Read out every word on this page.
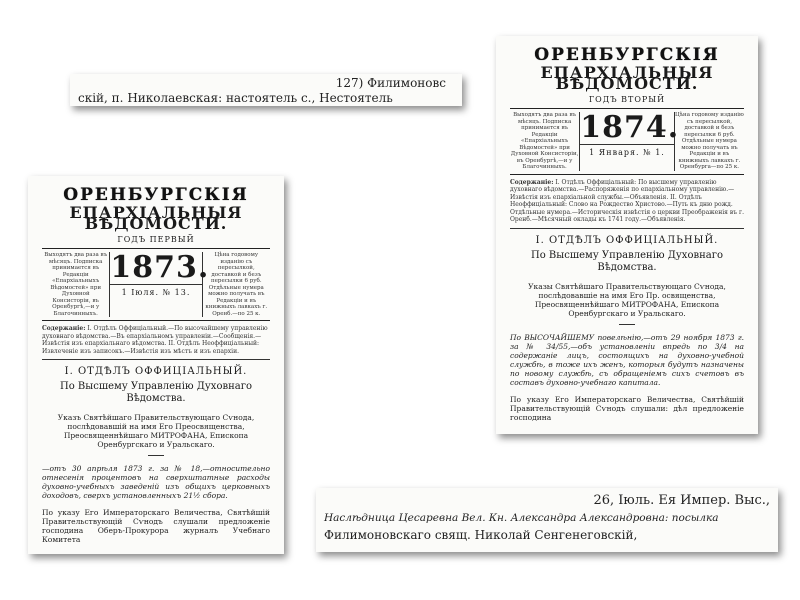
127) Филимоновс
скій, п. Николаевская: настоятель с., Нестоятель
ОРЕНБУРГСКІЯ
ЕПАРХІАЛЬНЫЯ ВѢДОМОСТИ.
ГОДЪ ПЕРВЫЙ
Выходятъ два раза въ мѣсяцъ. Подписка принимается въ Редакціи «Епархіальныхъ Вѣдомостей» при Духовной Консисторіи, въ Оренбургѣ,—и у Благочинныхъ.
1873.
1 Іюля. № 13.
Цѣна годовому изданію съ пересылкой, доставкой и безъ пересылки 6 руб. Отдѣльные нумера можно получать въ Редакціи и въ книжныхъ лавкахъ г. Оренб.—по 25 к.
Содержаніе: I. Отдѣлъ Оффиціальный.—По высочайшему управленію духовнаго вѣдомства.—Въ епархіальномъ управленіи.—Сообщенія.—Извѣстія изъ епархіальнаго вѣдомства. II. Отдѣлъ Неоффиціальный: Извлеченіе изъ записокъ.—Извѣстія изъ мѣстъ и изъ епархіи.
I. ОТДѢЛЪ ОФФИЦІАЛЬНЫЙ.
По Высшему Управленію Духовнаго Вѣдомства.
Указъ Святѣйшаго Правительствующаго Сѵнода, послѣдовавшій на имя Его Преосвященства, Преосвященнѣйшаго МИТРОФАНА, Епископа Оренбургскаго и Уральскаго.
—отъ 30 апрѣля 1873 г. за № 18,—относительно отнесенія процентовъ на сверхштатные расходы духовно-учебныхъ заведеній изъ общихъ церковныхъ доходовъ, сверхъ установленныхъ 21½ сбора.
По указу Его Императорскаго Величества, Святѣйшій Правительствующій Сѵнодъ слушали предложеніе господина Оберъ-Прокурора журналъ Учебнаго Комитета
ОРЕНБУРГСКІЯ
ЕПАРХІАЛЬНЫЯ ВѢДОМОСТИ.
ГОДЪ ВТОРЫЙ
Выходятъ два раза въ мѣсяцъ. Подписка принимается въ Редакціи «Епархіальныхъ Вѣдомостей» при Духовной Консисторіи, въ Оренбургѣ,—и у Благочинныхъ.
1874.
1 Января. № 1.
Цѣна годовому изданію съ пересылкой, доставкой и безъ пересылки 6 руб. Отдѣльные нумера можно получать въ Редакціи и въ книжныхъ лавкахъ г. Оренбурга—по 25 к.
Содержаніе: I. Отдѣлъ Оффиціальный: По высшему управленію духовнаго вѣдомства.—Распоряженія по епархіальному управленію.—Извѣстія изъ епархіальной службы.—Объявленія. II. Отдѣлъ Неоффиціальный: Слово на Рождество Христово.—Путь къ дню рожд. Отдѣльные нумера.—Историческія извѣстія о церкви Преображенія въ г. Оренб.—Мѣсячный оклады къ 1741 году.—Объявленія.
I. ОТДѢЛЪ ОФФИЦІАЛЬНЫЙ.
По Высшему Управленію Духовнаго Вѣдомства.
Указы Святѣйшаго Правительствующаго Сѵнода, послѣдовавшіе на имя Его Пр. освященства, Преосвященнѣйшаго МИТРОФАНА, Епископа Оренбургскаго и Уральскаго.
По ВЫСОЧАЙШЕМУ повелѣнію,—отъ 29 ноября 1873 г. за № 34/55,—объ установленіи впредь по 3/4 на содержаніе лицъ, состоящихъ на духовно-учебной службѣ, в тоже ихъ женъ, которыя будутъ назначены по новому службѣ, съ обращеніемъ сихъ счетовъ въ составъ духовно-учебнаго капитала.
По указу Его Императорскаго Величества, Святѣйшій Правительствующій Сѵнодъ слушали: дѣл предложеніе господина
26, Іюль. Ея Импер. Выс.,
Наслѣдница Цесаревна Вел. Кн. Александра Александровна: посылка
Филимоновскаго свящ. Николай Сенгенеговскій,
